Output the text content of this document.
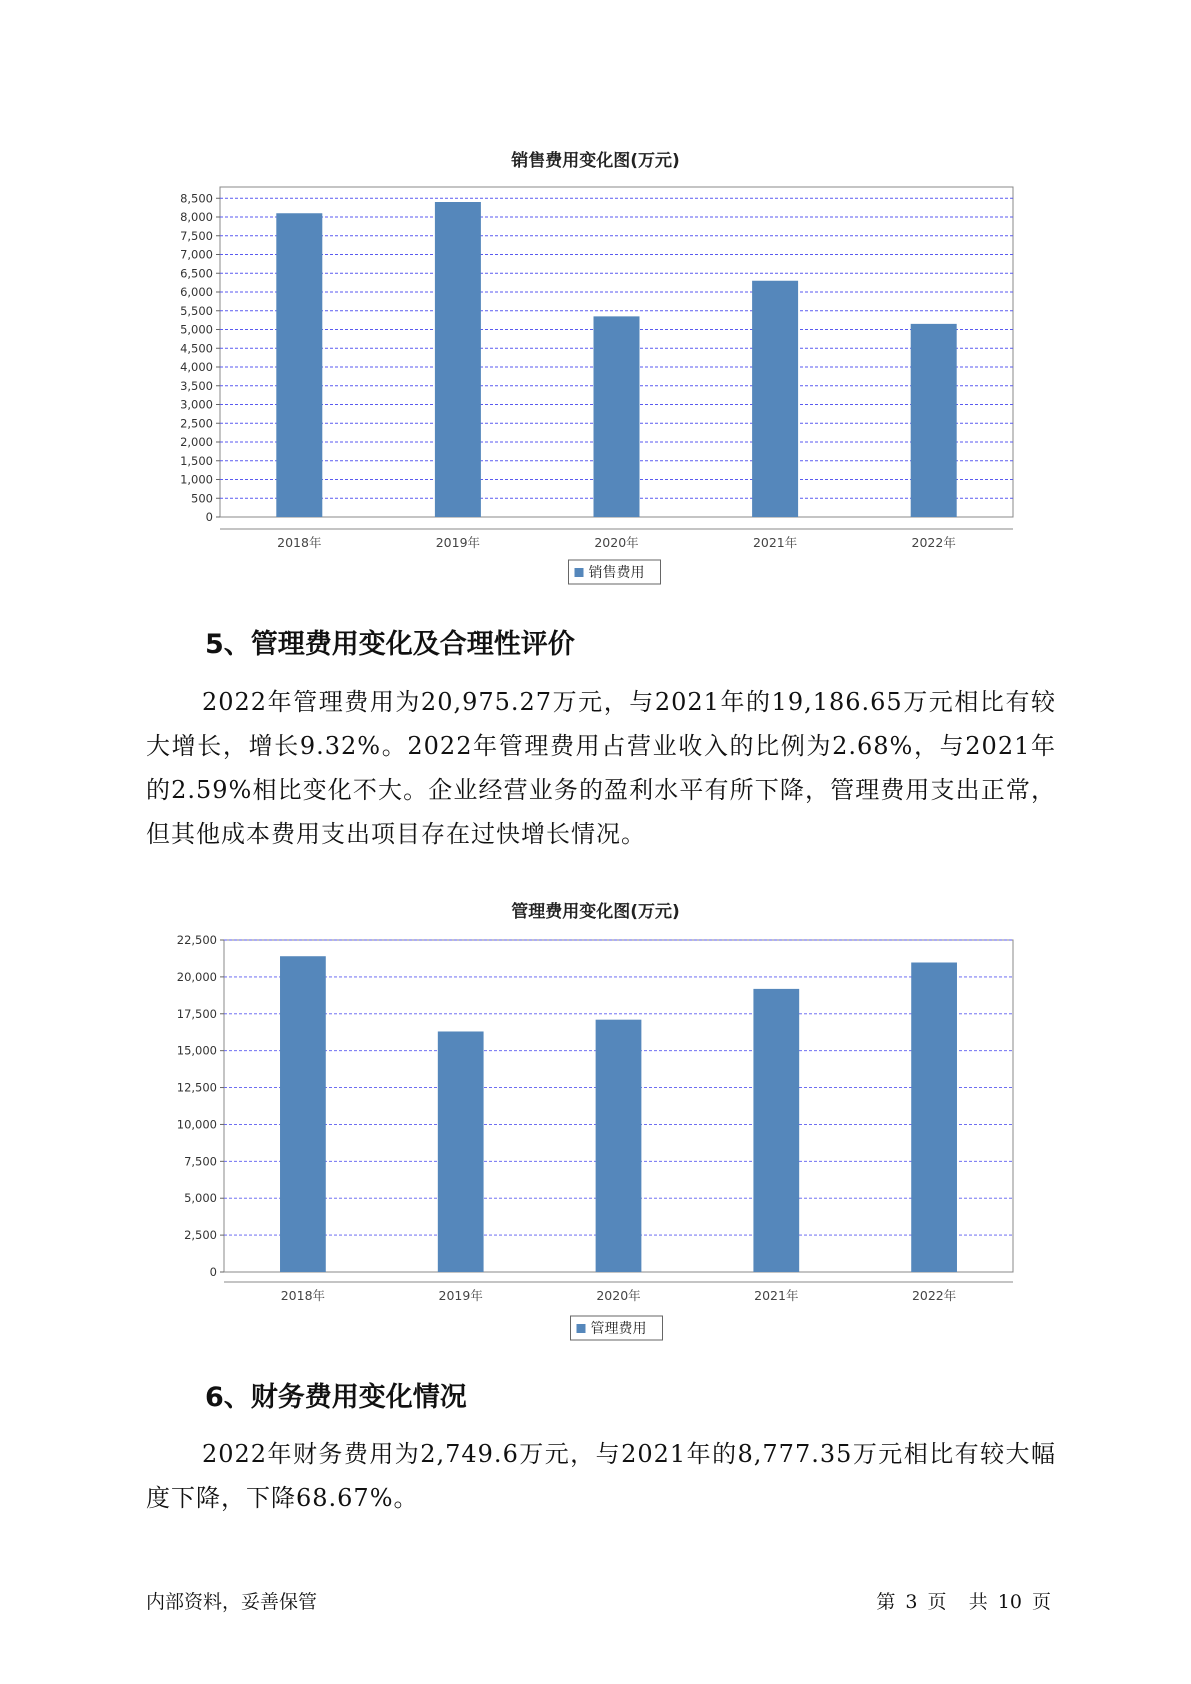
销售费用变化图(万元)
0
500
1,000
1,500
2,000
2,500
3,000
3,500
4,000
4,500
5,000
5,500
6,000
6,500
7,000
7,500
8,000
8,500
2018年	2019年	2020年	2021年	2022年
销售费用
5、管理费用变化及合理性评价

2022年管理费用为20,975.27万元，与2021年的19,186.65万元相比有较大增长，增长9.32%。2022年管理费用占营业收入的比例为2.68%，与2021年的2.59%相比变化不大。企业经营业务的盈利水平有所下降，管理费用支出正常，但其他成本费用支出项目存在过快增长情况。

管理费用变化图(万元)
0
2,500
5,000
7,500
10,000
12,500
15,000
17,500
20,000
22,500
2018年	2019年	2020年	2021年	2022年
管理费用
6、财务费用变化情况

2022年财务费用为2,749.6万元，与2021年的8,777.35万元相比有较大幅度下降，下降68.67%。

内部资料，妥善保管	第 3 页 共 10 页
